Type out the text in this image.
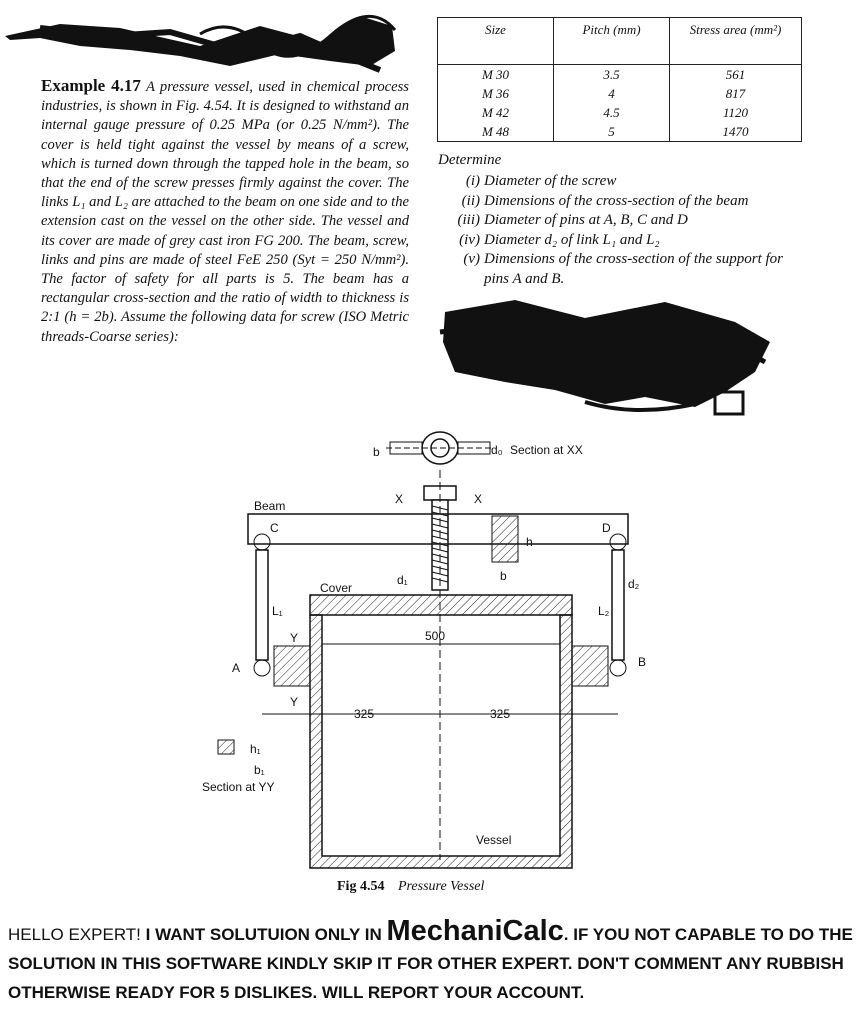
Example 4.17 A pressure vessel, used in chemical process industries, is shown in Fig. 4.54. It is designed to withstand an internal gauge pressure of 0.25 MPa (or 0.25 N/mm²). The cover is held tight against the vessel by means of a screw, which is turned down through the tapped hole in the beam, so that the end of the screw presses firmly against the cover. The links L₁ and L₂ are attached to the beam on one side and to the extension cast on the vessel on the other side. The vessel and its cover are made of grey cast iron FG 200. The beam, screw, links and pins are made of steel FeE 250 (Syt = 250 N/mm²). The factor of safety for all parts is 5. The beam has a rectangular cross-section and the ratio of width to thickness is 2:1 (h = 2b). Assume the following data for screw (ISO Metric threads-Coarse series):

Size	Pitch (mm)	Stress area (mm²)
M 30	3.5	561
M 36	4	817
M 42	4.5	1120
M 48	5	1470
Determine
(i) Diameter of the screw
(ii) Dimensions of the cross-section of the beam
(iii) Diameter of pins at A, B, C and D
(iv) Diameter d₂ of link L₁ and L₂
(v) Dimensions of the cross-section of the support for pins A and B.
b	d₀ Section at XX
X	X
d₁
Beam
h
b
C	D
L₁	L₂
d₂
A	B
Y
Y
Cover
Vessel
500
325	325
h₁
b₁
Section at YY
Fig 4.54 Pressure Vessel

HELLO EXPERT! I WANT SOLUTUION ONLY IN MechaniCalc. IF YOU NOT CAPABLE TO DO THE SOLUTION IN THIS SOFTWARE KINDLY SKIP IT FOR OTHER EXPERT. DON'T COMMENT ANY RUBBISH OTHERWISE READY FOR 5 DISLIKES. WILL REPORT YOUR ACCOUNT.
